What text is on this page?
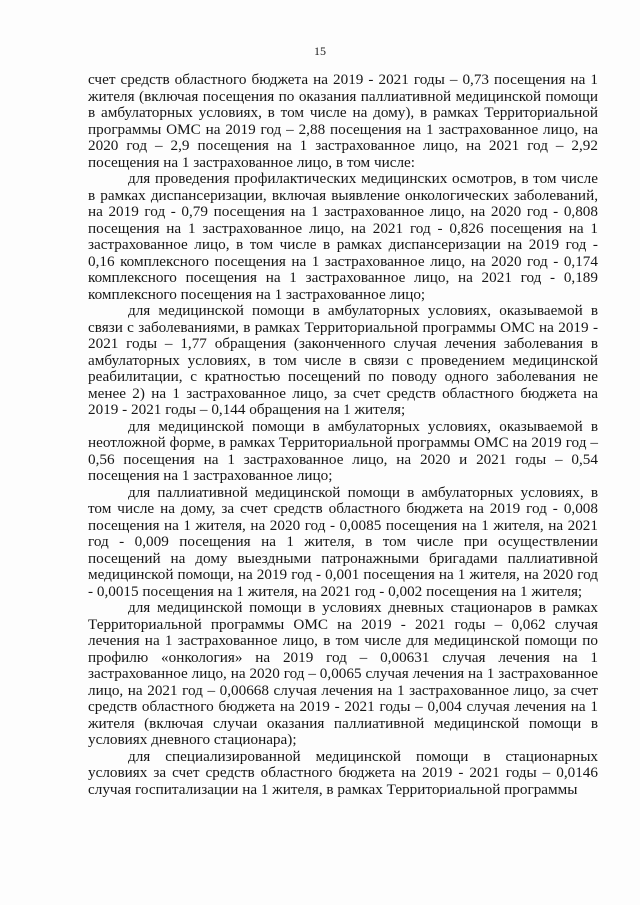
15

счет средств областного бюджета на 2019 - 2021 годы – 0,73 посещения на 1 жителя (включая посещения по оказания паллиативной медицинской помощи в амбулаторных условиях, в том числе на дому), в рамках Территориальной программы ОМС на 2019 год – 2,88 посещения на 1 застрахованное лицо, на 2020 год – 2,9 посещения на 1 застрахованное лицо, на 2021 год – 2,92 посещения на 1 застрахованное лицо, в том числе:

для проведения профилактических медицинских осмотров, в том числе в рамках диспансеризации, включая выявление онкологических заболеваний, на 2019 год - 0,79 посещения на 1 застрахованное лицо, на 2020 год - 0,808 посещения на 1 застрахованное лицо, на 2021 год - 0,826 посещения на 1 застрахованное лицо, в том числе в рамках диспансеризации на 2019 год - 0,16 комплексного посещения на 1 застрахованное лицо, на 2020 год - 0,174 комплексного посещения на 1 застрахованное лицо, на 2021 год - 0,189 комплексного посещения на 1 застрахованное лицо;

для медицинской помощи в амбулаторных условиях, оказываемой в связи с заболеваниями, в рамках Территориальной программы ОМС на 2019 - 2021 годы – 1,77 обращения (законченного случая лечения заболевания в амбулаторных условиях, в том числе в связи с проведением медицинской реабилитации, с кратностью посещений по поводу одного заболевания не менее 2) на 1 застрахованное лицо, за счет средств областного бюджета на 2019 - 2021 годы – 0,144 обращения на 1 жителя;

для медицинской помощи в амбулаторных условиях, оказываемой в неотложной форме, в рамках Территориальной программы ОМС на 2019 год – 0,56 посещения на 1 застрахованное лицо, на 2020 и 2021 годы – 0,54 посещения на 1 застрахованное лицо;

для паллиативной медицинской помощи в амбулаторных условиях, в том числе на дому, за счет средств областного бюджета на 2019 год - 0,008 посещения на 1 жителя, на 2020 год - 0,0085 посещения на 1 жителя, на 2021 год - 0,009 посещения на 1 жителя, в том числе при осуществлении посещений на дому выездными патронажными бригадами паллиативной медицинской помощи, на 2019 год - 0,001 посещения на 1 жителя, на 2020 год - 0,0015 посещения на 1 жителя, на 2021 год - 0,002 посещения на 1 жителя;

для медицинской помощи в условиях дневных стационаров в рамках Территориальной программы ОМС на 2019 - 2021 годы – 0,062 случая лечения на 1 застрахованное лицо, в том числе для медицинской помощи по профилю «онкология» на 2019 год – 0,00631 случая лечения на 1 застрахованное лицо, на 2020 год – 0,0065 случая лечения на 1 застрахованное лицо, на 2021 год – 0,00668 случая лечения на 1 застрахованное лицо, за счет средств областного бюджета на 2019 - 2021 годы – 0,004 случая лечения на 1 жителя (включая случаи оказания паллиативной медицинской помощи в условиях дневного стационара);

для специализированной медицинской помощи в стационарных условиях за счет средств областного бюджета на 2019 - 2021 годы – 0,0146 случая госпитализации на 1 жителя, в рамках Территориальной программы
